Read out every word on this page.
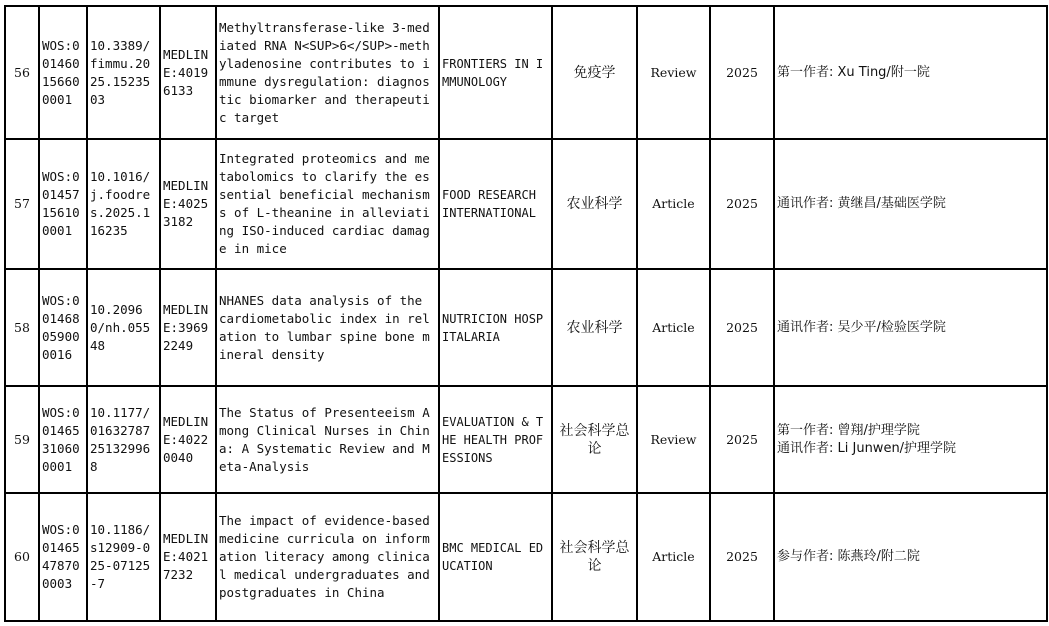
56	WOS:001460156600001	10.3389/fimmu.2025.1523503	MEDLINE:40196133	Methyltransferase-like 3-mediated RNA N<SUP>6</SUP>-methyladenosine contributes to immune dysregulation: diagnostic biomarker and therapeutic target	FRONTIERS IN IMMUNOLOGY	免疫学	Review	2025	第一作者: Xu Ting/附一院

57	WOS:001457156100001	10.1016/j.foodres.2025.116235	MEDLINE:40253182	Integrated proteomics and metabolomics to clarify the essential beneficial mechanisms of L-theanine in alleviating ISO-induced cardiac damage in mice	FOOD RESEARCH INTERNATIONAL	农业科学	Article	2025	通讯作者: 黄继昌/基础医学院

58	WOS:001468059000016	10.20960/nh.05548	MEDLINE:39692249	NHANES data analysis of the cardiometabolic index in relation to lumbar spine bone mineral density	NUTRICION HOSPITALARIA	农业科学	Article	2025	通讯作者: 吴少平/检验医学院

59	WOS:001465310600001	10.1177/01632787251329968	MEDLINE:40220040	The Status of Presenteeism Among Clinical Nurses in China: A Systematic Review and Meta-Analysis	EVALUATION & THE HEALTH PROFESSIONS	社会科学总论	Review	2025	第一作者: 曾翔/护理学院
通讯作者: Li Junwen/护理学院

60	WOS:001465478700003	10.1186/s12909-025-07125-7	MEDLINE:40217232	The impact of evidence-based medicine curricula on information literacy among clinical medical undergraduates and postgraduates in China	BMC MEDICAL EDUCATION	社会科学总论	Article	2025	参与作者: 陈燕玲/附二院
